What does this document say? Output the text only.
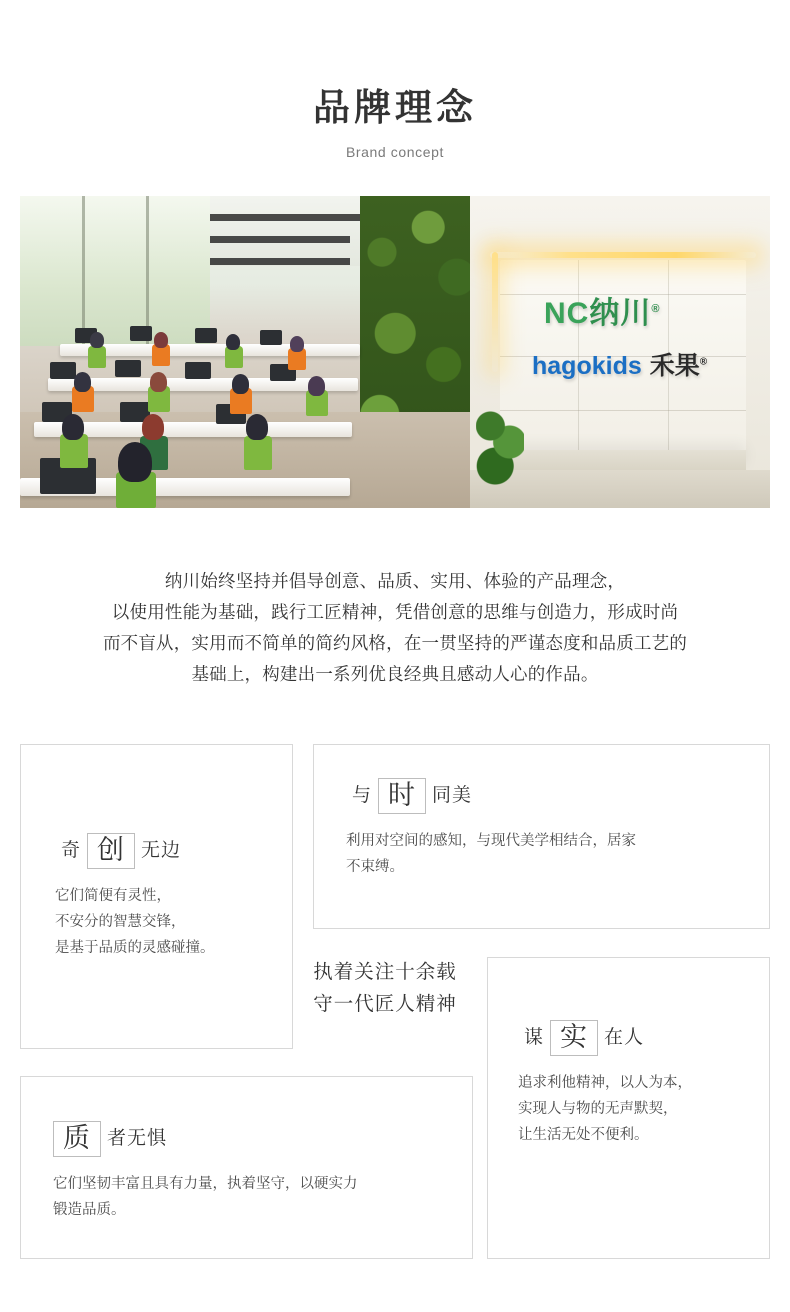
品牌理念
Brand concept
NC纳川®
hagokids 禾果®
纳川始终坚持并倡导创意、品质、实用、体验的产品理念，
以使用性能为基础，践行工匠精神，凭借创意的思维与创造力，形成时尚
而不盲从，实用而不简单的简约风格，在一贯坚持的严谨态度和品质工艺的
基础上，构建出一系列优良经典且感动人心的作品。
奇 创 无边
它们简便有灵性，
不安分的智慧交锋，
是基于品质的灵感碰撞。
与 时 同美
利用对空间的感知，与现代美学相结合，居家
不束缚。
质 者无惧
它们坚韧丰富且具有力量，执着坚守，以硬实力
锻造品质。
谋 实 在人
追求利他精神，以人为本，
实现人与物的无声默契，
让生活无处不便利。
执着关注十余载
守一代匠人精神
